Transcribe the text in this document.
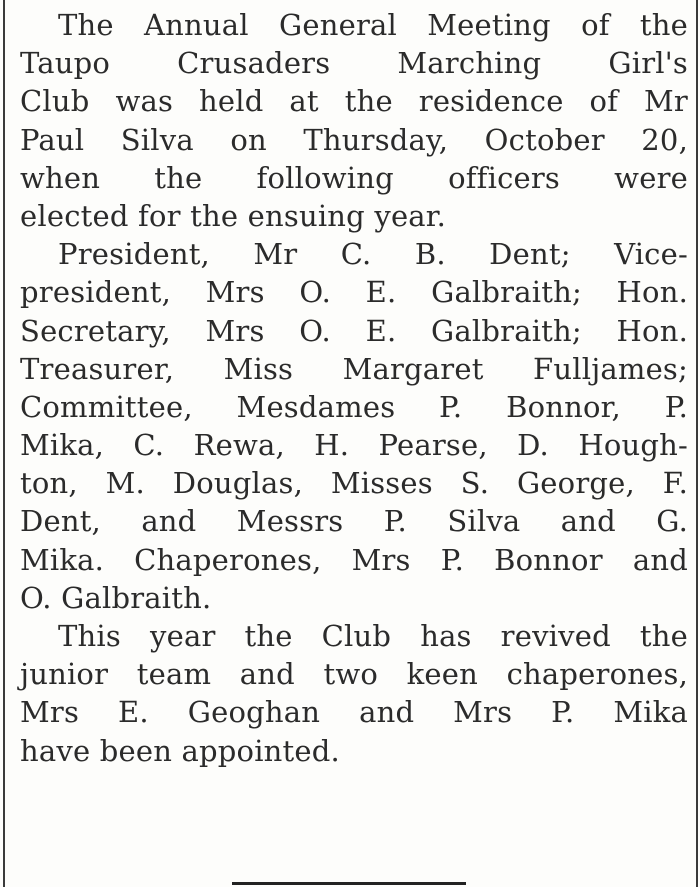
The Annual General Meeting of the
Taupo Crusaders Marching Girl's
Club was held at the residence of Mr
Paul Silva on Thursday, October 20,
when the following officers were
elected for the ensuing year.
President, Mr C. B. Dent; Vice-
president, Mrs O. E. Galbraith; Hon.
Secretary, Mrs O. E. Galbraith; Hon.
Treasurer, Miss Margaret Fulljames;
Committee, Mesdames P. Bonnor, P.
Mika, C. Rewa, H. Pearse, D. Hough-
ton, M. Douglas, Misses S. George, F.
Dent, and Messrs P. Silva and G.
Mika. Chaperones, Mrs P. Bonnor and
O. Galbraith.
This year the Club has revived the
junior team and two keen chaperones,
Mrs E. Geoghan and Mrs P. Mika
have been appointed.
